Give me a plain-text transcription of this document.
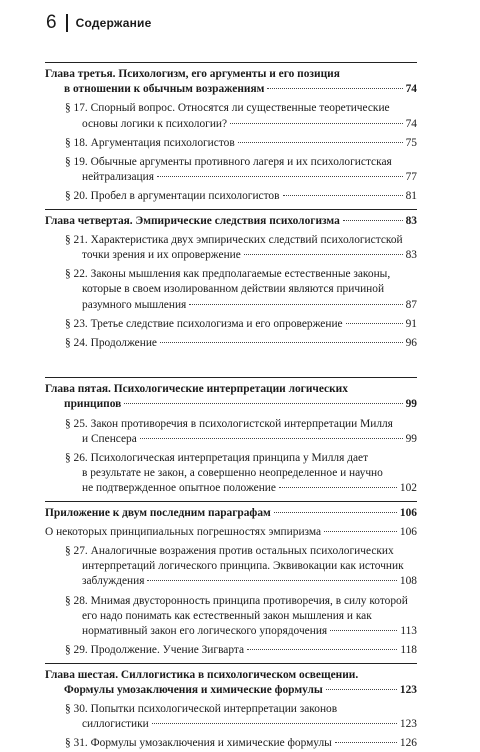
6 Содержание
Глава третья. Психологизм, его аргументы и его позиция
в отношении к обычным возражениям	74
§ 17. Спорный вопрос. Относятся ли существенные теоретические
основы логики к психологии?	74
§ 18. Аргументация психологистов	75
§ 19. Обычные аргументы противного лагеря и их психологистская
нейтрализация	77
§ 20. Пробел в аргументации психологистов	81
Глава четвертая. Эмпирические следствия психологизма	83
§ 21. Характеристика двух эмпирических следствий психологистской
точки зрения и их опровержение	83
§ 22. Законы мышления как предполагаемые естественные законы,
которые в своем изолированном действии являются причиной
разумного мышления	87
§ 23. Третье следствие психологизма и его опровержение	91
§ 24. Продолжение	96
Глава пятая. Психологические интерпретации логических
принципов	99
§ 25. Закон противоречия в психологистской интерпретации Милля
и Спенсера	99
§ 26. Психологическая интерпретация принципа у Милля дает
в результате не закон, а совершенно неопределенное и научно
не подтвержденное опытное положение	102
Приложение к двум последним параграфам	106
О некоторых принципиальных погрешностях эмпиризма	106
§ 27. Аналогичные возражения против остальных психологических
интерпретаций логического принципа. Эквивокации как источник
заблуждения	108
§ 28. Мнимая двусторонность принципа противоречия, в силу которой
его надо понимать как естественный закон мышления и как
нормативный закон его логического упорядочения	113
§ 29. Продолжение. Учение Зигварта	118
Глава шестая. Силлогистика в психологическом освещении.
Формулы умозаключения и химические формулы	123
§ 30. Попытки психологической интерпретации законов
силлогистики	123
§ 31. Формулы умозаключения и химические формулы	126
